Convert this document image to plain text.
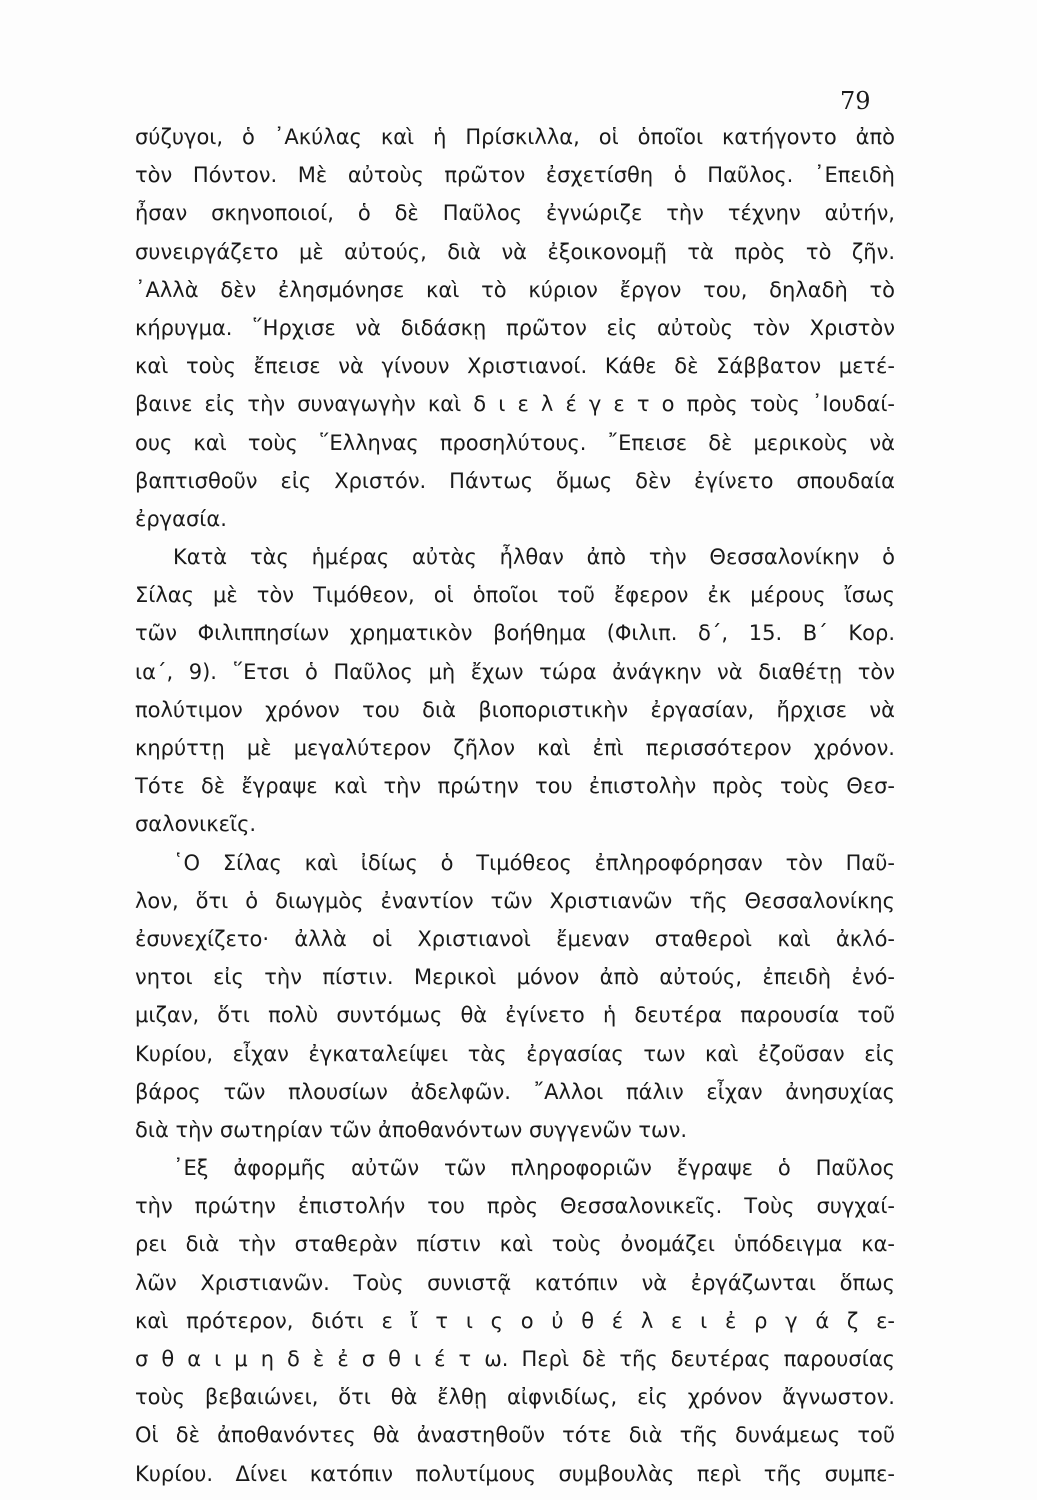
79
σύζυγοι, ὁ ᾽Ακύλας καὶ ἡ Πρίσκιλλα, οἱ ὁποῖοι κατήγοντο ἀπὸ
τὸν Πόντον. Μὲ αὐτοὺς πρῶτον ἐσχετίσθη ὁ Παῦλος. ᾽Επειδὴ
ἦσαν σκηνοποιοί, ὁ δὲ Παῦλος ἐγνώριζε τὴν τέχνην αὐτήν,
συνειργάζετο μὲ αὐτούς, διὰ νὰ ἐξοικονομῇ τὰ πρὸς τὸ ζῆν.
᾽Αλλὰ δὲν ἐλησμόνησε καὶ τὸ κύριον ἔργον του, δηλαδὴ τὸ
κήρυγμα. ῞Ηρχισε νὰ διδάσκῃ πρῶτον εἰς αὐτοὺς τὸν Χριστὸν
καὶ τοὺς ἔπεισε νὰ γίνουν Χριστιανοί. Κάθε δὲ Σάββατον μετέ-
βαινε εἰς τὴν συναγωγὴν καὶ δ ι ε λ έ γ ε τ ο πρὸς τοὺς ᾽Ιουδαί-
ους καὶ τοὺς ῞Ελληνας προσηλύτους. ῎Επεισε δὲ μερικοὺς νὰ
βαπτισθοῦν εἰς Χριστόν. Πάντως ὅμως δὲν ἐγίνετο σπουδαία
ἐργασία.
Κατὰ τὰς ἡμέρας αὐτὰς ἦλθαν ἀπὸ τὴν Θεσσαλονίκην ὁ
Σίλας μὲ τὸν Τιμόθεον, οἱ ὁποῖοι τοῦ ἔφερον ἐκ μέρους ἴσως
τῶν Φιλιππησίων χρηματικὸν βοήθημα (Φιλιπ. δ΄, 15. Β΄ Κορ.
ια΄, 9). ῞Ετσι ὁ Παῦλος μὴ ἔχων τώρα ἀνάγκην νὰ διαθέτῃ τὸν
πολύτιμον χρόνον του διὰ βιοποριστικὴν ἐργασίαν, ἤρχισε νὰ
κηρύττῃ μὲ μεγαλύτερον ζῆλον καὶ ἐπὶ περισσότερον χρόνον.
Τότε δὲ ἔγραψε καὶ τὴν πρώτην του ἐπιστολὴν πρὸς τοὺς Θεσ-
σαλονικεῖς.
῾Ο Σίλας καὶ ἰδίως ὁ Τιμόθεος ἐπληροφόρησαν τὸν Παῦ-
λον, ὅτι ὁ διωγμὸς ἐναντίον τῶν Χριστιανῶν τῆς Θεσσαλονίκης
ἐσυνεχίζετο· ἀλλὰ οἱ Χριστιανοὶ ἔμεναν σταθεροὶ καὶ ἀκλό-
νητοι εἰς τὴν πίστιν. Μερικοὶ μόνον ἀπὸ αὐτούς, ἐπειδὴ ἐνό-
μιζαν, ὅτι πολὺ συντόμως θὰ ἐγίνετο ἡ δευτέρα παρουσία τοῦ
Κυρίου, εἶχαν ἐγκαταλείψει τὰς ἐργασίας των καὶ ἐζοῦσαν εἰς
βάρος τῶν πλουσίων ἀδελφῶν. ῎Αλλοι πάλιν εἶχαν ἀνησυχίας
διὰ τὴν σωτηρίαν τῶν ἀποθανόντων συγγενῶν των.
᾽Εξ ἀφορμῆς αὐτῶν τῶν πληροφοριῶν ἔγραψε ὁ Παῦλος
τὴν πρώτην ἐπιστολήν του πρὸς Θεσσαλονικεῖς. Τοὺς συγχαί-
ρει διὰ τὴν σταθερὰν πίστιν καὶ τοὺς ὀνομάζει ὑπόδειγμα κα-
λῶν Χριστιανῶν. Τοὺς συνιστᾷ κατόπιν νὰ ἐργάζωνται ὅπως
καὶ πρότερον, διότι ε ἴ τ ι ς ο ὐ θ έ λ ε ι ἐ ρ γ ά ζ ε-
σ θ α ι μ η δ ὲ ἐ σ θ ι έ τ ω. Περὶ δὲ τῆς δευτέρας παρουσίας
τοὺς βεβαιώνει, ὅτι θὰ ἔλθῃ αἰφνιδίως, εἰς χρόνον ἄγνωστον.
Οἱ δὲ ἀποθανόντες θὰ ἀναστηθοῦν τότε διὰ τῆς δυνάμεως τοῦ
Κυρίου. Δίνει κατόπιν πολυτίμους συμβουλὰς περὶ τῆς συμπε-
